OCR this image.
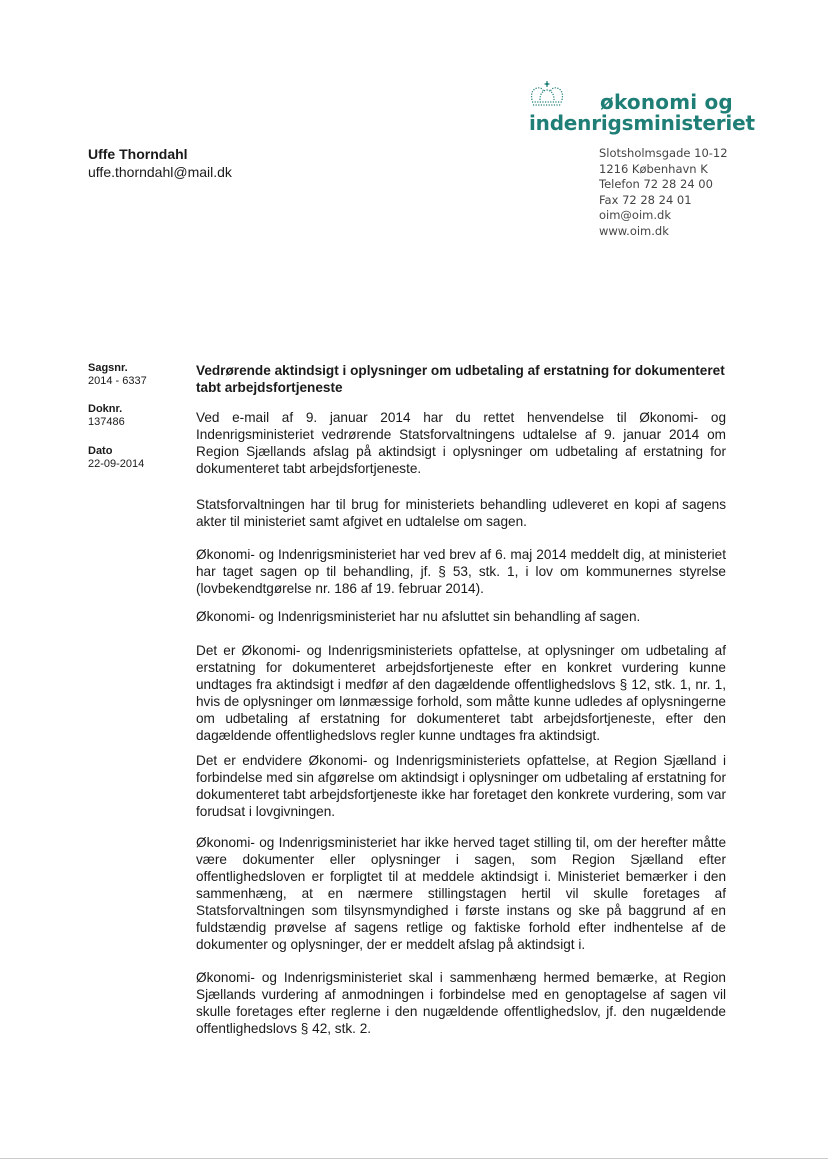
økonomi og
indenrigsministeriet
Uffe Thorndahl
uffe.thorndahl@mail.dk
Slotsholmsgade 10-12
1216 København K
Telefon 72 28 24 00
Fax 72 28 24 01
oim@oim.dk
www.oim.dk
Sagsnr.
2014 - 6337
Doknr.
137486
Dato
22-09-2014
Vedrørende aktindsigt i oplysninger om udbetaling af erstatning for dokumenteret tabt arbejdsfortjeneste
Ved e-mail af 9. januar 2014 har du rettet henvendelse til Økonomi- og Indenrigsministeriet vedrørende Statsforvaltningens udtalelse af 9. januar 2014 om Region Sjællands afslag på aktindsigt i oplysninger om udbetaling af erstatning for dokumenteret tabt arbejdsfortjeneste.
Statsforvaltningen har til brug for ministeriets behandling udleveret en kopi af sagens akter til ministeriet samt afgivet en udtalelse om sagen.
Økonomi- og Indenrigsministeriet har ved brev af 6. maj 2014 meddelt dig, at ministeriet har taget sagen op til behandling, jf. § 53, stk. 1, i lov om kommunernes styrelse (lovbekendtgørelse nr. 186 af 19. februar 2014).
Økonomi- og Indenrigsministeriet har nu afsluttet sin behandling af sagen.
Det er Økonomi- og Indenrigsministeriets opfattelse, at oplysninger om udbetaling af erstatning for dokumenteret arbejdsfortjeneste efter en konkret vurdering kunne undtages fra aktindsigt i medfør af den dagældende offentlighedslovs § 12, stk. 1, nr. 1, hvis de oplysninger om lønmæssige forhold, som måtte kunne udledes af oplysningerne om udbetaling af erstatning for dokumenteret tabt arbejdsfortjeneste, efter den dagældende offentlighedslovs regler kunne undtages fra aktindsigt.
Det er endvidere Økonomi- og Indenrigsministeriets opfattelse, at Region Sjælland i forbindelse med sin afgørelse om aktindsigt i oplysninger om udbetaling af erstatning for dokumenteret tabt arbejdsfortjeneste ikke har foretaget den konkrete vurdering, som var forudsat i lovgivningen.
Økonomi- og Indenrigsministeriet har ikke herved taget stilling til, om der herefter måtte være dokumenter eller oplysninger i sagen, som Region Sjælland efter offentlighedsloven er forpligtet til at meddele aktindsigt i. Ministeriet bemærker i den sammenhæng, at en nærmere stillingstagen hertil vil skulle foretages af Statsforvaltningen som tilsynsmyndighed i første instans og ske på baggrund af en fuldstændig prøvelse af sagens retlige og faktiske forhold efter indhentelse af de dokumenter og oplysninger, der er meddelt afslag på aktindsigt i.
Økonomi- og Indenrigsministeriet skal i sammenhæng hermed bemærke, at Region Sjællands vurdering af anmodningen i forbindelse med en genoptagelse af sagen vil skulle foretages efter reglerne i den nugældende offentlighedslov, jf. den nugældende offentlighedslovs § 42, stk. 2.
